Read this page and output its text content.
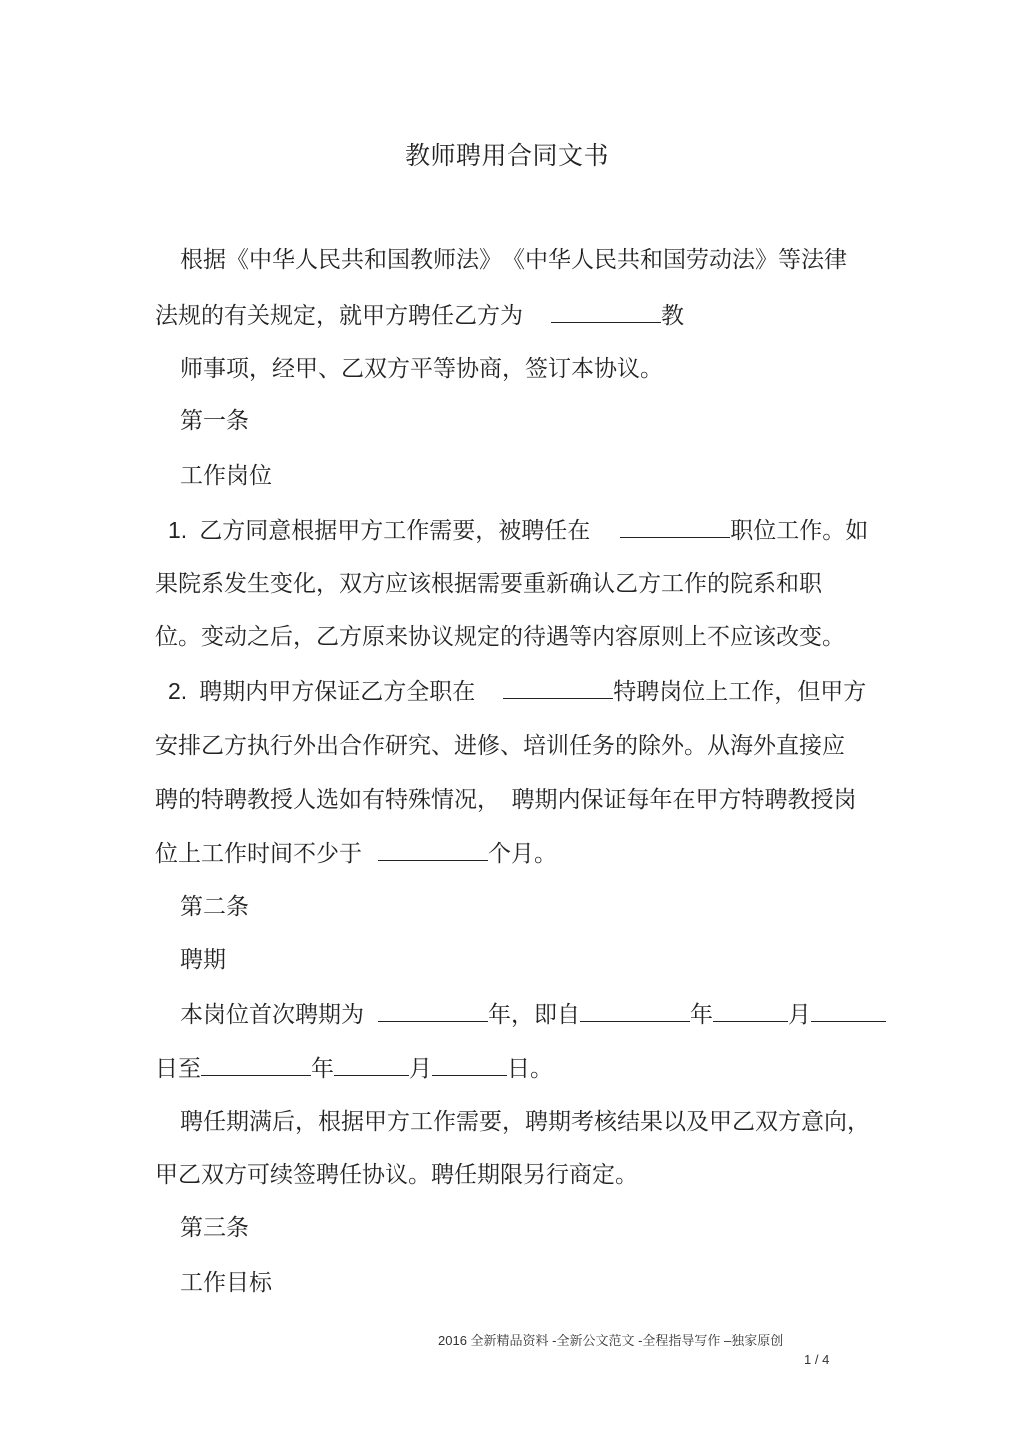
教师聘用合同文书
根据《中华人民共和国教师法》　《中华人民共和国劳动法》等法律
法规的有关规定，就甲方聘任乙方为	教
师事项，经甲、乙双方平等协商，签订本协议。
第一条
工作岗位
1. 乙方同意根据甲方工作需要，被聘任在	职位工作。如
果院系发生变化，双方应该根据需要重新确认乙方工作的院系和职
位。变动之后，乙方原来协议规定的待遇等内容原则上不应该改变。
2. 聘期内甲方保证乙方全职在	特聘岗位上工作，但甲方
安排乙方执行外出合作研究、进修、培训任务的除外。从海外直接应
聘的特聘教授人选如有特殊情况，　聘期内保证每年在甲方特聘教授岗
位上工作时间不少于	个月。
第二条
聘期
本岗位首次聘期为	年，即自	年	月
日至	年	月	日。
聘任期满后，根据甲方工作需要，聘期考核结果以及甲乙双方意向，
甲乙双方可续签聘任协议。聘任期限另行商定。
第三条
工作目标
2016 全新精品资料 -全新公文范文 -全程指导写作 –独家原创
1 / 4
